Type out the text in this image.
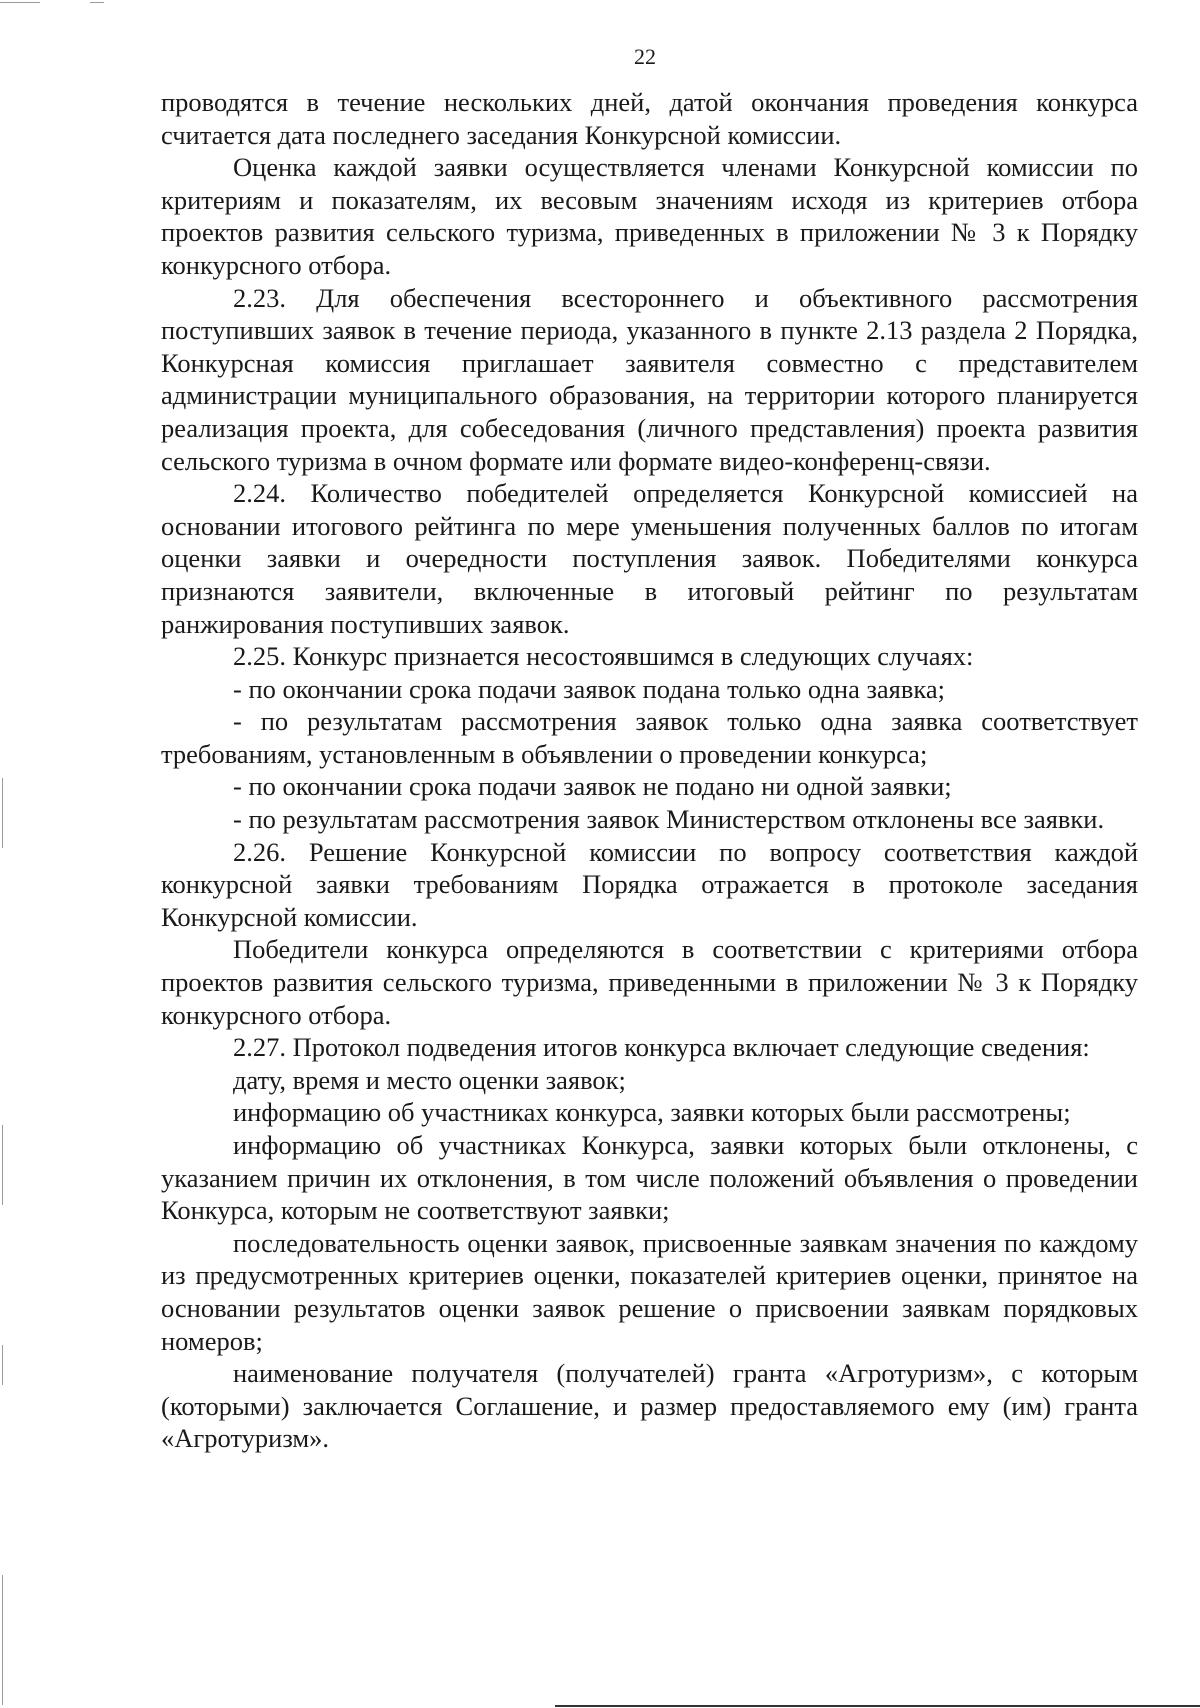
22

проводятся в течение нескольких дней, датой окончания проведения конкурса считается дата последнего заседания Конкурсной комиссии.

Оценка каждой заявки осуществляется членами Конкурсной комиссии по критериям и показателям, их весовым значениям исходя из критериев отбора проектов развития сельского туризма, приведенных в приложении № 3 к Порядку конкурсного отбора.

2.23. Для обеспечения всестороннего и объективного рассмотрения поступивших заявок в течение периода, указанного в пункте 2.13 раздела 2 Порядка, Конкурсная комиссия приглашает заявителя совместно с представителем администрации муниципального образования, на территории которого планируется реализация проекта, для собеседования (личного представления) проекта развития сельского туризма в очном формате или формате видео-конференц-связи.

2.24. Количество победителей определяется Конкурсной комиссией на основании итогового рейтинга по мере уменьшения полученных баллов по итогам оценки заявки и очередности поступления заявок. Победителями конкурса признаются заявители, включенные в итоговый рейтинг по результатам ранжирования поступивших заявок.

2.25. Конкурс признается несостоявшимся в следующих случаях:

- по окончании срока подачи заявок подана только одна заявка;

- по результатам рассмотрения заявок только одна заявка соответствует требованиям, установленным в объявлении о проведении конкурса;

- по окончании срока подачи заявок не подано ни одной заявки;

- по результатам рассмотрения заявок Министерством отклонены все заявки.

2.26. Решение Конкурсной комиссии по вопросу соответствия каждой конкурсной заявки требованиям Порядка отражается в протоколе заседания Конкурсной комиссии.

Победители конкурса определяются в соответствии с критериями отбора проектов развития сельского туризма, приведенными в приложении № 3 к Порядку конкурсного отбора.

2.27. Протокол подведения итогов конкурса включает следующие сведения:

дату, время и место оценки заявок;

информацию об участниках конкурса, заявки которых были рассмотрены;

информацию об участниках Конкурса, заявки которых были отклонены, с указанием причин их отклонения, в том числе положений объявления о проведении Конкурса, которым не соответствуют заявки;

последовательность оценки заявок, присвоенные заявкам значения по каждому из предусмотренных критериев оценки, показателей критериев оценки, принятое на основании результатов оценки заявок решение о присвоении заявкам порядковых номеров;

наименование получателя (получателей) гранта «Агротуризм», с которым (которыми) заключается Соглашение, и размер предоставляемого ему (им) гранта «Агротуризм».
